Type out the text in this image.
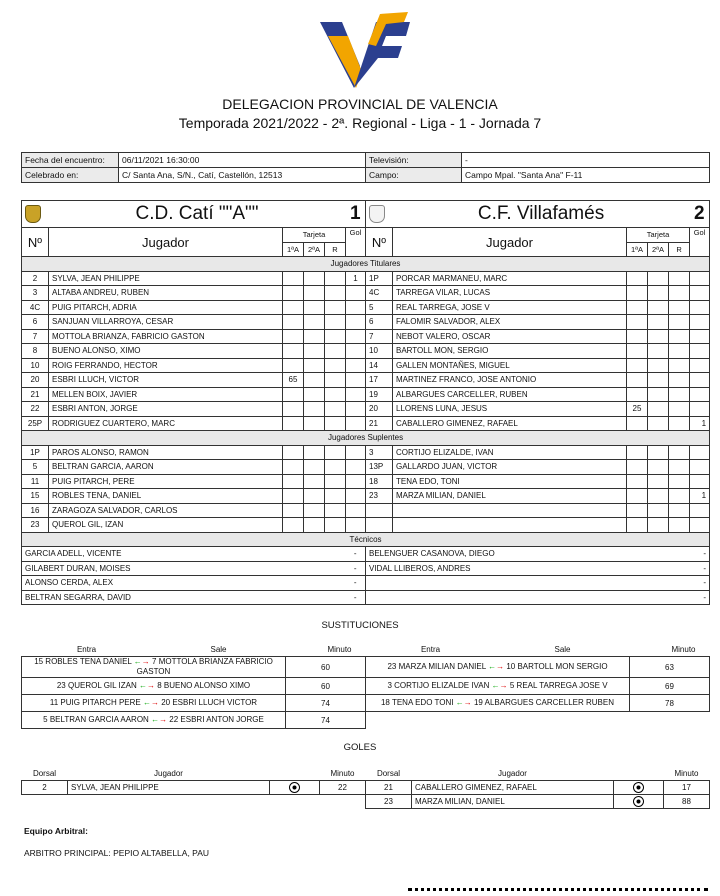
DELEGACION PROVINCIAL DE VALENCIA
Temporada 2021/2022 - 2ª. Regional - Liga - 1 - Jornada 7
Fecha del encuentro:	06/11/2021 16:30:00	Televisión:	-
Celebrado en:	C/ Santa Ana, S/N., Catí, Castellón, 12513	Campo:	Campo Mpal. "Santa Ana" F-11
	C.D. Catí ""A""				1		C.F. Villafamés				2
Nº	Jugador	Tarjeta			Gol	Nº	Jugador	Tarjeta			Gol
		1ªA	2ªA	R				1ªA	2ªA	R	
Jugadores Titulares											
2	SYLVA, JEAN PHILIPPE				1	1P	PORCAR MARMANEU, MARC				
3	ALTABA ANDREU, RUBEN					4C	TARREGA VILAR, LUCAS				
4C	PUIG PITARCH, ADRIA					5	REAL TARREGA, JOSE V				
6	SANJUAN VILLARROYA, CESAR					6	FALOMIR SALVADOR, ALEX				
7	MOTTOLA BRIANZA, FABRICIO GASTON					7	NEBOT VALERO, OSCAR				
8	BUENO ALONSO, XIMO					10	BARTOLL MON, SERGIO				
10	ROIG FERRANDO, HECTOR					14	GALLEN MONTAÑES, MIGUEL				
20	ESBRI LLUCH, VICTOR	65				17	MARTINEZ FRANCO, JOSE ANTONIO				
21	MELLEN BOIX, JAVIER					19	ALBARGUES CARCELLER, RUBEN				
22	ESBRI ANTON, JORGE					20	LLORENS LUNA, JESUS	25			
25P	RODRIGUEZ CUARTERO, MARC					21	CABALLERO GIMENEZ, RAFAEL				1
Jugadores Suplentes											
1P	PAROS ALONSO, RAMON					3	CORTIJO ELIZALDE, IVAN				
5	BELTRAN GARCIA, AARON					13P	GALLARDO JUAN, VICTOR				
11	PUIG PITARCH, PERE					18	TENA EDO, TONI				
15	ROBLES TENA, DANIEL					23	MARZA MILIAN, DANIEL				1
16	ZARAGOZA SALVADOR, CARLOS										
23	QUEROL GIL, IZAN										
Técnicos											
GARCIA ADELL, VICENTE					-	BELENGUER CASANOVA, DIEGO					-
GILABERT DURAN, MOISES					-	VIDAL LLIBEROS, ANDRES					-
ALONSO CERDA, ALEX					-						-
BELTRAN SEGARRA, DAVID					-						-
SUSTITUCIONES
Entra	Sale	Minuto	Entra	Sale	Minuto
15 ROBLES TENA DANIEL ←→ 7 MOTTOLA BRIANZA FABRICIO GASTON		60	23 MARZA MILIAN DANIEL ←→ 10 BARTOLL MON SERGIO		63
23 QUEROL GIL IZAN ←→ 8 BUENO ALONSO XIMO		60	3 CORTIJO ELIZALDE IVAN ←→ 5 REAL TARREGA JOSE V		69
11 PUIG PITARCH PERE ←→ 20 ESBRI LLUCH VICTOR		74	18 TENA EDO TONI ←→ 19 ALBARGUES CARCELLER RUBEN		78
5 BELTRAN GARCIA AARON ←→ 22 ESBRI ANTON JORGE		74			
GOLES
Dorsal	Jugador		Minuto	Dorsal	Jugador		Minuto
2	SYLVA, JEAN PHILIPPE		22	21	CABALLERO GIMENEZ, RAFAEL		17
				23	MARZA MILIAN, DANIEL		88
Equipo Arbitral:
ARBITRO PRINCIPAL: PEPIO ALTABELLA, PAU
